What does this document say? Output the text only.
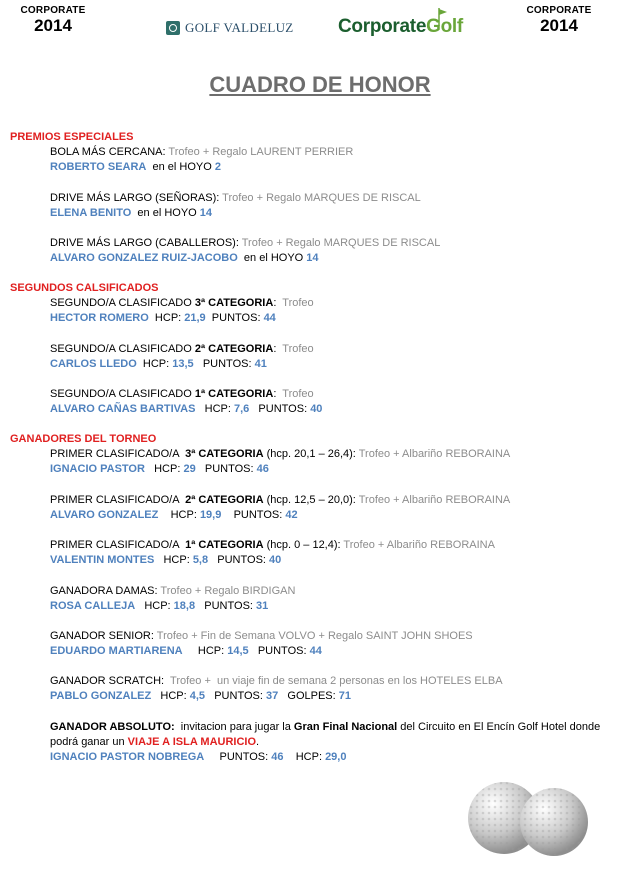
CORPORATE
2014	GOLF VALDELUZ CorporateGolf
CORPORATE
2014
CUADRO DE HONOR
PREMIOS ESPECIALES
BOLA MÁS CERCANA: Trofeo + Regalo LAURENT PERRIER
ROBERTO SEARA  en el HOYO 2
DRIVE MÁS LARGO (SEÑORAS): Trofeo + Regalo MARQUES DE RISCAL
ELENA BENITO  en el HOYO 14
DRIVE MÁS LARGO (CABALLEROS): Trofeo + Regalo MARQUES DE RISCAL
ALVARO GONZALEZ RUIZ-JACOBO  en el HOYO 14
SEGUNDOS CALSIFICADOS
SEGUNDO/A CLASIFICADO 3ª CATEGORIA:  Trofeo
HECTOR ROMERO  HCP: 21,9  PUNTOS: 44
SEGUNDO/A CLASIFICADO 2ª CATEGORIA:  Trofeo
CARLOS LLEDO  HCP: 13,5   PUNTOS: 41
SEGUNDO/A CLASIFICADO 1ª CATEGORIA:  Trofeo
ALVARO CAÑAS BARTIVAS   HCP: 7,6   PUNTOS: 40
GANADORES DEL TORNEO
PRIMER CLASIFICADO/A  3ª CATEGORIA (hcp. 20,1 – 26,4): Trofeo + Albariño REBORAINA
IGNACIO PASTOR   HCP: 29   PUNTOS: 46
PRIMER CLASIFICADO/A  2ª CATEGORIA (hcp. 12,5 – 20,0): Trofeo + Albariño REBORAINA
ALVARO GONZALEZ    HCP: 19,9    PUNTOS: 42
PRIMER CLASIFICADO/A  1ª CATEGORIA (hcp. 0 – 12,4): Trofeo + Albariño REBORAINA
VALENTIN MONTES   HCP: 5,8   PUNTOS: 40
GANADORA DAMAS: Trofeo + Regalo BIRDIGAN
ROSA CALLEJA   HCP: 18,8   PUNTOS: 31
GANADOR SENIOR: Trofeo + Fin de Semana VOLVO + Regalo SAINT JOHN SHOES
EDUARDO MARTIARENA     HCP: 14,5   PUNTOS: 44
GANADOR SCRATCH:  Trofeo +  un viaje fin de semana 2 personas en los HOTELES ELBA
PABLO GONZALEZ   HCP: 4,5   PUNTOS: 37   GOLPES: 71
GANADOR ABSOLUTO:  invitacion para jugar la Gran Final Nacional del Circuito en El Encín Golf Hotel donde podrá ganar un VIAJE A ISLA MAURICIO.
IGNACIO PASTOR NOBREGA     PUNTOS: 46    HCP: 29,0
